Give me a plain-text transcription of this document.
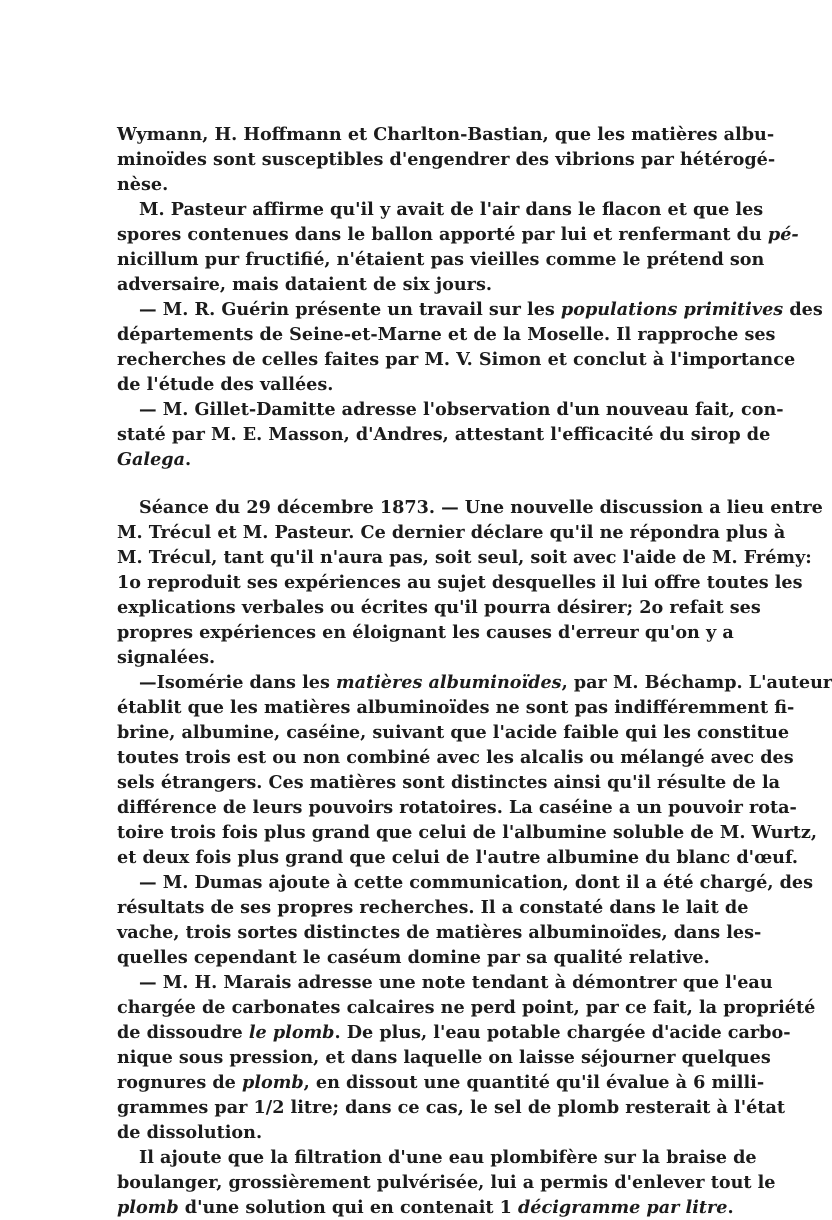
Wymann, H. Hoffmann et Charlton-Bastian, que les matières albu-
minoïdes sont susceptibles d'engendrer des vibrions par hétérogé-
nèse.
M. Pasteur affirme qu'il y avait de l'air dans le flacon et que les
spores contenues dans le ballon apporté par lui et renfermant du pé-
nicillum pur fructifié, n'étaient pas vieilles comme le prétend son
adversaire, mais dataient de six jours.
— M. R. Guérin présente un travail sur les populations primitives des
départements de Seine-et-Marne et de la Moselle. Il rapproche ses
recherches de celles faites par M. V. Simon et conclut à l'importance
de l'étude des vallées.
— M. Gillet-Damitte adresse l'observation d'un nouveau fait, con-
staté par M. E. Masson, d'Andres, attestant l'efficacité du sirop de
Galega.
Séance du 29 décembre 1873. — Une nouvelle discussion a lieu entre
M. Trécul et M. Pasteur. Ce dernier déclare qu'il ne répondra plus à
M. Trécul, tant qu'il n'aura pas, soit seul, soit avec l'aide de M. Frémy:
1o reproduit ses expériences au sujet desquelles il lui offre toutes les
explications verbales ou écrites qu'il pourra désirer; 2o refait ses
propres expériences en éloignant les causes d'erreur qu'on y a
signalées.
—Isomérie dans les matières albuminoïdes, par M. Béchamp. L'auteur
établit que les matières albuminoïdes ne sont pas indifféremment fi-
brine, albumine, caséine, suivant que l'acide faible qui les constitue
toutes trois est ou non combiné avec les alcalis ou mélangé avec des
sels étrangers. Ces matières sont distinctes ainsi qu'il résulte de la
différence de leurs pouvoirs rotatoires. La caséine a un pouvoir rota-
toire trois fois plus grand que celui de l'albumine soluble de M. Wurtz,
et deux fois plus grand que celui de l'autre albumine du blanc d'œuf.
— M. Dumas ajoute à cette communication, dont il a été chargé, des
résultats de ses propres recherches. Il a constaté dans le lait de
vache, trois sortes distinctes de matières albuminoïdes, dans les-
quelles cependant le caséum domine par sa qualité relative.
— M. H. Marais adresse une note tendant à démontrer que l'eau
chargée de carbonates calcaires ne perd point, par ce fait, la propriété
de dissoudre le plomb. De plus, l'eau potable chargée d'acide carbo-
nique sous pression, et dans laquelle on laisse séjourner quelques
rognures de plomb, en dissout une quantité qu'il évalue à 6 milli-
grammes par 1/2 litre; dans ce cas, le sel de plomb resterait à l'état
de dissolution.
Il ajoute que la filtration d'une eau plombifère sur la braise de
boulanger, grossièrement pulvérisée, lui a permis d'enlever tout le
plomb d'une solution qui en contenait 1 décigramme par litre.
